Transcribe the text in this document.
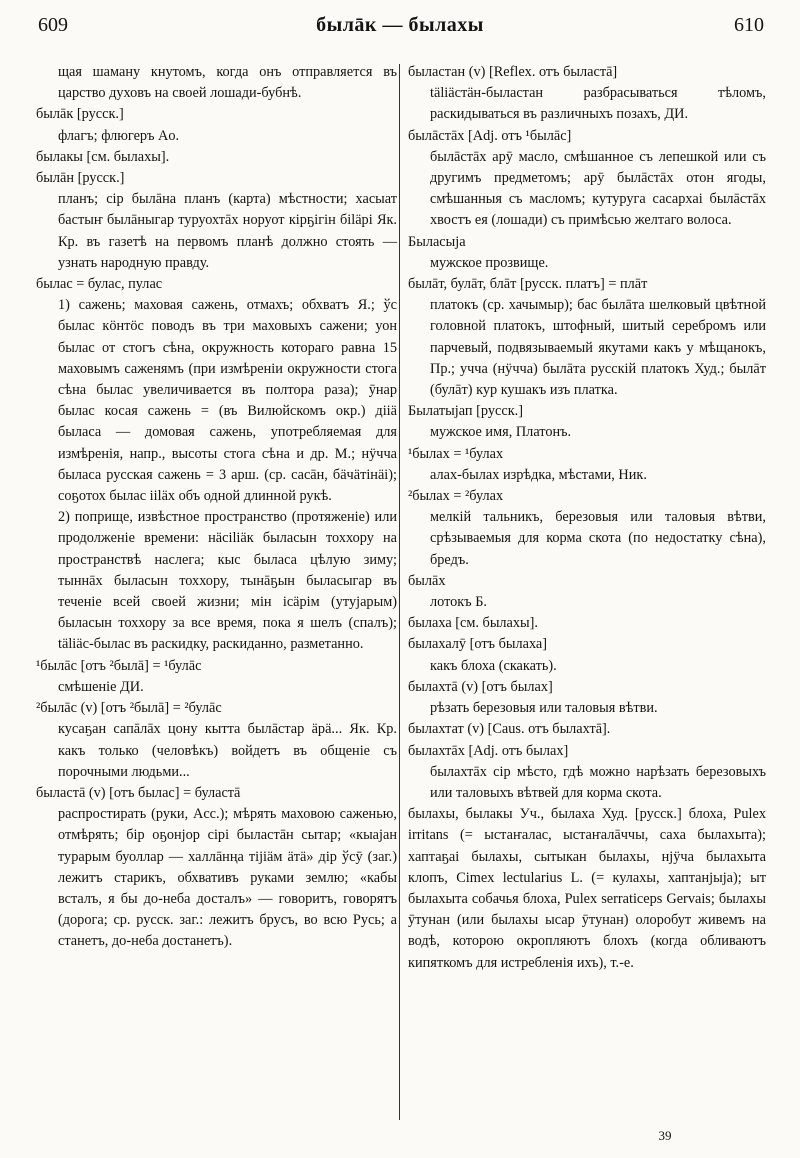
609	былāк — былахы	610

щая шаману кнутомъ, когда онъ отправляется въ царство духовъ на своей лошади-бубнѣ.

былāк [русск.]

флагъ; флюгеръ Ao.

былакы [см. былахы].

былāн [русск.]

планъ; сір былāна планъ (карта) мѣстности; хасыат бастыҥ былāныгар туруохтāх норуот кірҕігін біläрі Як. Кр. въ газетѣ на первомъ планѣ должно стоять — узнать народную правду.

былас = булас, пулас

1) сажень; маховая сажень, отмахъ; обхватъ Я.; ўс былас кöнтöс поводъ въ три маховыхъ сажени; уон былас от стогъ сѣна, окружность котораго равна 15 маховымъ саженямъ (при измѣреніи окружности стога сѣна былас увеличивается въ полтора раза); ӯнар былас косая сажень = (въ Вилюйскомъ окр.) діiä быласа — домовая сажень, употребляемая для измѣренія, напр., высоты стога сѣна и др. М.; нӱччa быласа русская сажень = 3 арш. (ср. сасāн, бäчäтінäі); соҕотох былас іiläх объ одной длинной рукѣ.

2) поприще, извѣстное пространство (протяженіе) или продолженіе времени: нäсіliäк быласын тоххору на пространствѣ наслега; кыс быласа цѣлую зиму; тыннāх быласын тоххору, тынāҕын быласыгар въ теченіе всей своей жизни; мін ісäрім (утујарым) быласын тоххору за все время, пока я шелъ (спалъ); täliäс-былас въ раскидку, раскиданно, разметанно.

¹былāс [отъ ²былā] = ¹булāс

смѣшеніе ДИ.

²былāс (v) [отъ ²былā] = ²булāс

кусаҕан сапāлāх цону кытта былāстар äрä... Як. Кр. какъ только (человѣкъ) войдетъ въ общеніе съ порочными людьми...

быластā (v) [отъ былас] = буластā

распростирать (руки, Acc.); мѣрять маховою саженью, отмѣрять; бір оҕонјор сірі быластāн сытар; «кыајан турарым буоллар — халлāнңа тіјiäм äтä» дір ўсӯ (заг.) лежитъ старикъ, обхвативъ руками землю; «кабы всталъ, я бы до-неба досталъ» — говоритъ, говорятъ (дорога; ср. русск. заг.: лежитъ брусъ, во всю Русь; а станетъ, до-неба достанетъ).

быластан (v) [Reflex. отъ быластā]

täliäстäн-быластан разбрасываться тѣломъ, раскидываться въ различныхъ позахъ, ДИ.

былāстāх [Adj. отъ ¹былāс]

былāстāх арӯ масло, смѣшанное съ лепешкой или съ другимъ предметомъ; арӯ былāстāх отон ягоды, смѣшанныя съ масломъ; кутуруга сасархаі былāстāх хвостъ ея (лошади) съ примѣсью желтаго волоса.

Быласыја

мужское прозвище.

былāт, булāт, блāт [русск. платъ] = плāт

платокъ (ср. хачымыр); бас былāта шелковый цвѣтной головной платокъ, штофный, шитый серебромъ или парчевый, подвязываемый якутами какъ у мѣщанокъ, Пр.; учча (нӱчча) былāта русскій платокъ Худ.; былāт (булāт) кур кушакъ изъ платка.

Былатыјап [русск.]

мужское имя, Платонъ.

¹былах = ¹булах

алах-былах изрѣдка, мѣстами, Ник.

²былах = ²булах

мелкій тальникъ, березовыя или таловыя вѣтви, срѣзываемыя для корма скота (по недостатку сѣна), бредъ.

былāх

лотокъ Б.

былаха [см. былахы].

былахалӯ [отъ былаха]

какъ блоха (скакать).

былахтā (v) [отъ былах]

рѣзать березовыя или таловыя вѣтви.

былахтат (v) [Caus. отъ былахтā].

былахтāх [Adj. отъ былах]

былахтāх сір мѣсто, гдѣ можно нарѣзать березовыхъ или таловыхъ вѣтвей для корма скота.

былахы, былакы Уч., былаха Худ. [русск.] блоха, Pulex irritans (= ыстаҥалас, ыстаҥалāччы, саха былахыта); хаптаҕаі былахы, сытыкан былахы, нјӱча былахыта клопъ, Cimex lectularius L. (= кулахы, хаптанјыја); ыт былахыта собачья блоха, Pulex serraticeps Gervais; былахы ӯтунан (или былахы ысар ӯтунан) олоробут живемъ на водѣ, которою окропляютъ блохъ (когда обливаютъ кипяткомъ для истребленія ихъ), т.-е.

39
